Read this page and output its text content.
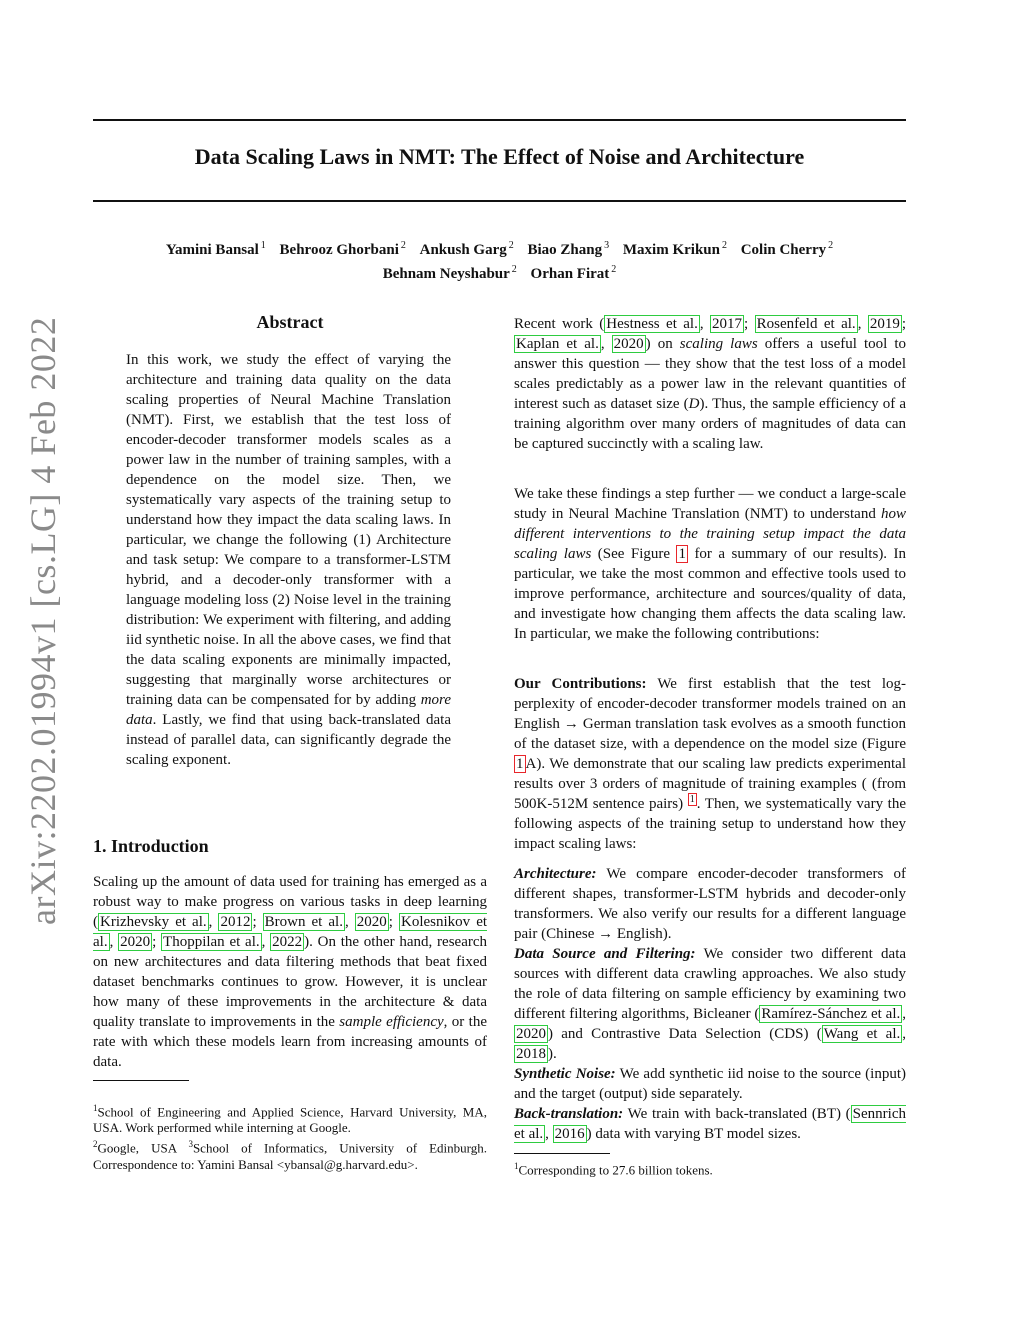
arXiv:2202.01994v1 [cs.LG] 4 Feb 2022
Data Scaling Laws in NMT: The Effect of Noise and Architecture
Yamini Bansal $^1$ Behrooz Ghorbani $^2$ Ankush Garg $^2$ Biao Zhang $^3$ Maxim Krikun $^2$ Colin Cherry $^2$
Behnam Neyshabur $^2$ Orhan Firat $^2$
Abstract
In this work, we study the effect of varying the architecture and training data quality on the data scaling properties of Neural Machine Translation (NMT). First, we establish that the test loss of encoder-decoder transformer models scales as a power law in the number of training samples, with a dependence on the model size. Then, we systematically vary aspects of the training setup to understand how they impact the data scaling laws. In particular, we change the following (1) Architecture and task setup: We compare to a transformer-LSTM hybrid, and a decoder-only transformer with a language modeling loss (2) Noise level in the training distribution: We experiment with filtering, and adding iid synthetic noise. In all the above cases, we find that the data scaling exponents are minimally impacted, suggesting that marginally worse architectures or training data can be compensated for by adding more data. Lastly, we find that using back-translated data instead of parallel data, can significantly degrade the scaling exponent.
1. Introduction
Scaling up the amount of data used for training has emerged as a robust way to make progress on various tasks in deep learning ( Krizhevsky et al. , 2012 ; Brown et al. , 2020 ; Kolesnikov et al. , 2020 ; Thoppilan et al. , 2022 ). On the other hand, research on new architectures and data filtering methods that beat fixed dataset benchmarks continues to grow. However, it is unclear how many of these improvements in the architecture & data quality translate to improvements in the sample efficiency, or the rate with which these models learn from increasing amounts of data.
$^1$School of Engineering and Applied Science, Harvard University, MA, USA. Work performed while interning at Google.
$^2$Google, USA $^3$School of Informatics, University of Edinburgh. Correspondence to: Yamini Bansal <ybansal@g.harvard.edu>.
Recent work ( Hestness et al. , 2017 ; Rosenfeld et al. , 2019 ; Kaplan et al. , 2020 ) on scaling laws offers a useful tool to answer this question — they show that the test loss of a model scales predictably as a power law in the relevant quantities of interest such as dataset size (D). Thus, the sample efficiency of a training algorithm over many orders of magnitudes of data can be captured succinctly with a scaling law.
We take these findings a step further — we conduct a large-scale study in Neural Machine Translation (NMT) to understand how different interventions to the training setup impact the data scaling laws (See Figure 1 for a summary of our results). In particular, we take the most common and effective tools used to improve performance, architecture and sources/quality of data, and investigate how changing them affects the data scaling law. In particular, we make the following contributions:
Our Contributions: We first establish that the test log-perplexity of encoder-decoder transformer models trained on an English → German translation task evolves as a smooth function of the dataset size, with a dependence on the model size (Figure 1 A). We demonstrate that our scaling law predicts experimental results over 3 orders of magnitude of training examples ( (from 500K-512M sentence pairs) $^1$ . Then, we systematically vary the following aspects of the training setup to understand how they impact scaling laws:
Architecture: We compare encoder-decoder transformers of different shapes, transformer-LSTM hybrids and decoder-only transformers. We also verify our results for a different language pair (Chinese → English).
Data Source and Filtering: We consider two different data sources with different data crawling approaches. We also study the role of data filtering on sample efficiency by examining two different filtering algorithms, Bicleaner ( Ramírez-Sánchez et al. , 2020 ) and Contrastive Data Selection (CDS) ( Wang et al. , 2018 ).
Synthetic Noise: We add synthetic iid noise to the source (input) and the target (output) side separately.
Back-translation: We train with back-translated (BT) ( Sennrich et al. , 2016 ) data with varying BT model sizes.
$^1$Corresponding to 27.6 billion tokens.
